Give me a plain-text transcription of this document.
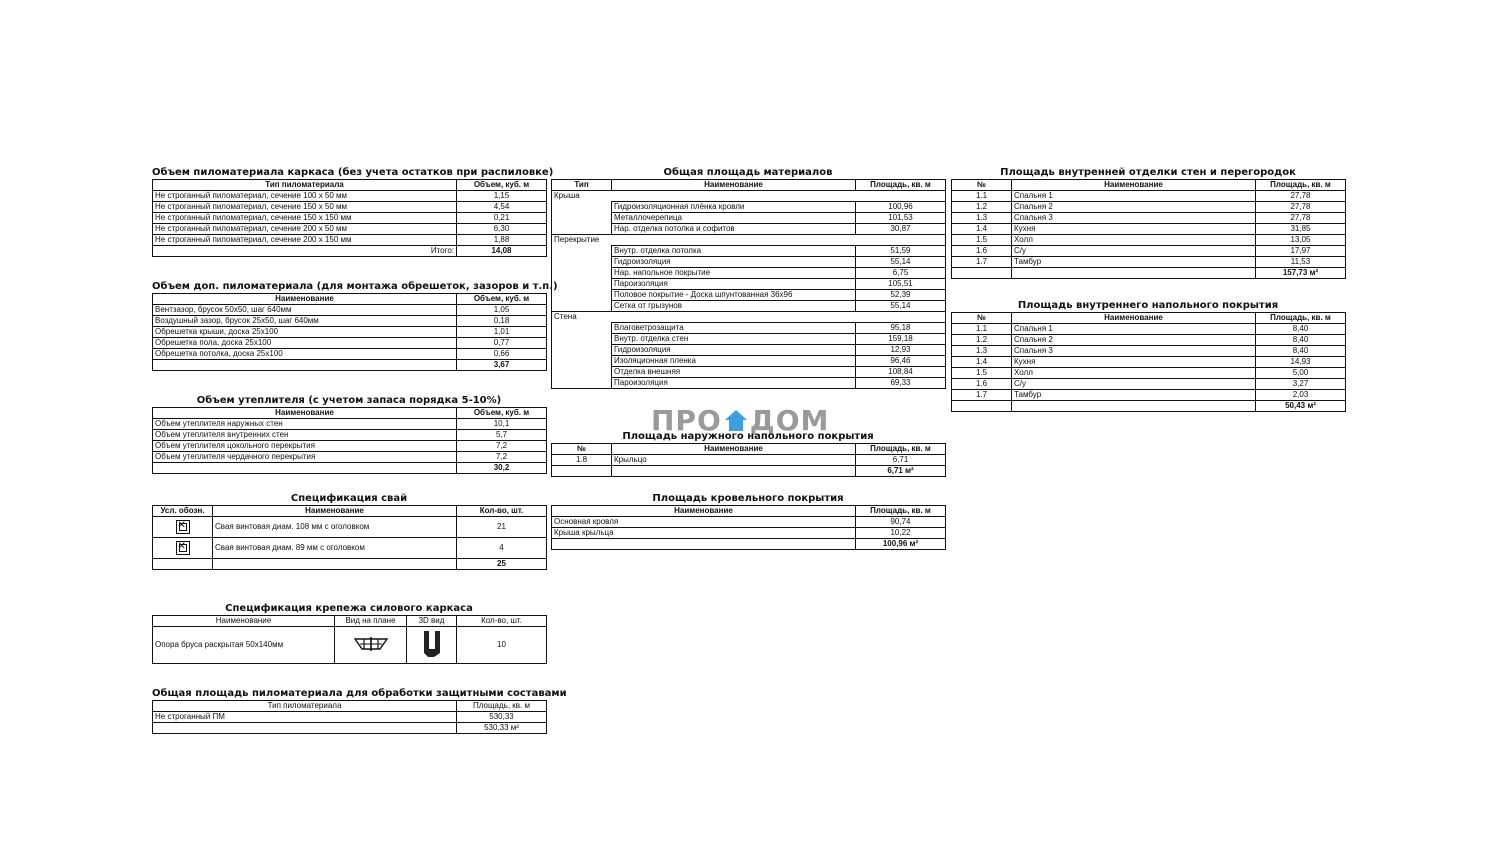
Объем пиломатериала каркаса (без учета остатков при распиловке)
Тип пиломатериала	Объем, куб. м
Не строганный пиломатериал, сечение 100 x 50 мм	1,15
Не строганный пиломатериал, сечение 150 x 50 мм	4,54
Не строганный пиломатериал, сечение 150 x 150 мм	0,21
Не строганный пиломатериал, сечение 200 x 50 мм	6,30
Не строганный пиломатериал, сечение 200 x 150 мм	1,88
Итого:	14,08
Объем доп. пиломатериала (для монтажа обрешеток, зазоров и т.п.)
Наименование	Объем, куб. м
Вентзазор, брусок 50х50, шаг 640мм	1,05
Воздушный зазор, брусок 25х50, шаг 640мм	0,18
Обрешетка крыши, доска 25х100	1,01
Обрешетка пола, доска 25х100	0,77
Обрешетка потолка, доска 25х100	0,66
	3,67
Объем утеплителя (с учетом запаса порядка 5-10%)
Наименование	Объем, куб. м
Объем утеплителя наружных стен	10,1
Объем утеплителя внутренних стен	5,7
Объем утеплителя цокольного перекрытия	7,2
Объем утеплителя чердачного перекрытия	7,2
	30,2
Спецификация свай
Усл. обозн.	Наименование	Кол-во, шт.
✕	Свая винтовая диам. 108 мм с оголовком	21
✕	Свая винтовая диам. 89 мм с оголовком	4
		25
Спецификация крепежа силового каркаса
Наименование	Вид на плане	3D вид	Кол-во, шт.
Опора бруса раскрытая 50х140мм			10
Общая площадь пиломатериала для обработки защитными составами
Тип пиломатериала	Площадь, кв. м
Не строганный ПМ	530,33
	530,33 м²
Общая площадь материалов
Тип	Наименование	Площадь, кв. м
Крыша		
	Гидроизоляционная плёнка кровли	100,96
	Металлочерепица	101,53
	Нар. отделка потолка и софитов	30,87
Перекрытие		
	Внутр. отделка потолка	51,59
	Гидроизоляция	55,14
	Нар. напольное покрытие	6,75
	Пароизоляция	105,51
	Половое покрытие - Доска шпунтованная 36х96	52,39
	Сетка от грызунов	55,14
Стена		
	Влаговетрозащита	95,18
	Внутр. отделка стен	159,18
	Гидроизоляция	12,93
	Изоляционная пленка	96,46
	Отделка внешняя	108,84
	Пароизоляция	69,33
ПРО ДОМ
Площадь наружного напольного покрытия
№	Наименование	Площадь, кв. м
1.8	Крыльцо	6,71
		6,71 м²
Площадь кровельного покрытия
Наименование	Площадь, кв. м
Основная кровля	90,74
Крыша крыльца	10,22
	100,96 м²
Площадь внутренней отделки стен и перегородок
№	Наименование	Площадь, кв. м
1.1	Спальня 1	27,78
1.2	Спальня 2	27,78
1.3	Спальня 3	27,78
1.4	Кухня	31,85
1.5	Холл	13,05
1.6	С/у	17,97
1.7	Тамбур	11,53
		157,73 м²
Площадь внутреннего напольного покрытия
№	Наименование	Площадь, кв. м
1.1	Спальня 1	8,40
1.2	Спальня 2	8,40
1.3	Спальня 3	8,40
1.4	Кухня	14,93
1.5	Холл	5,00
1.6	С/у	3,27
1.7	Тамбур	2,03
		50,43 м²
